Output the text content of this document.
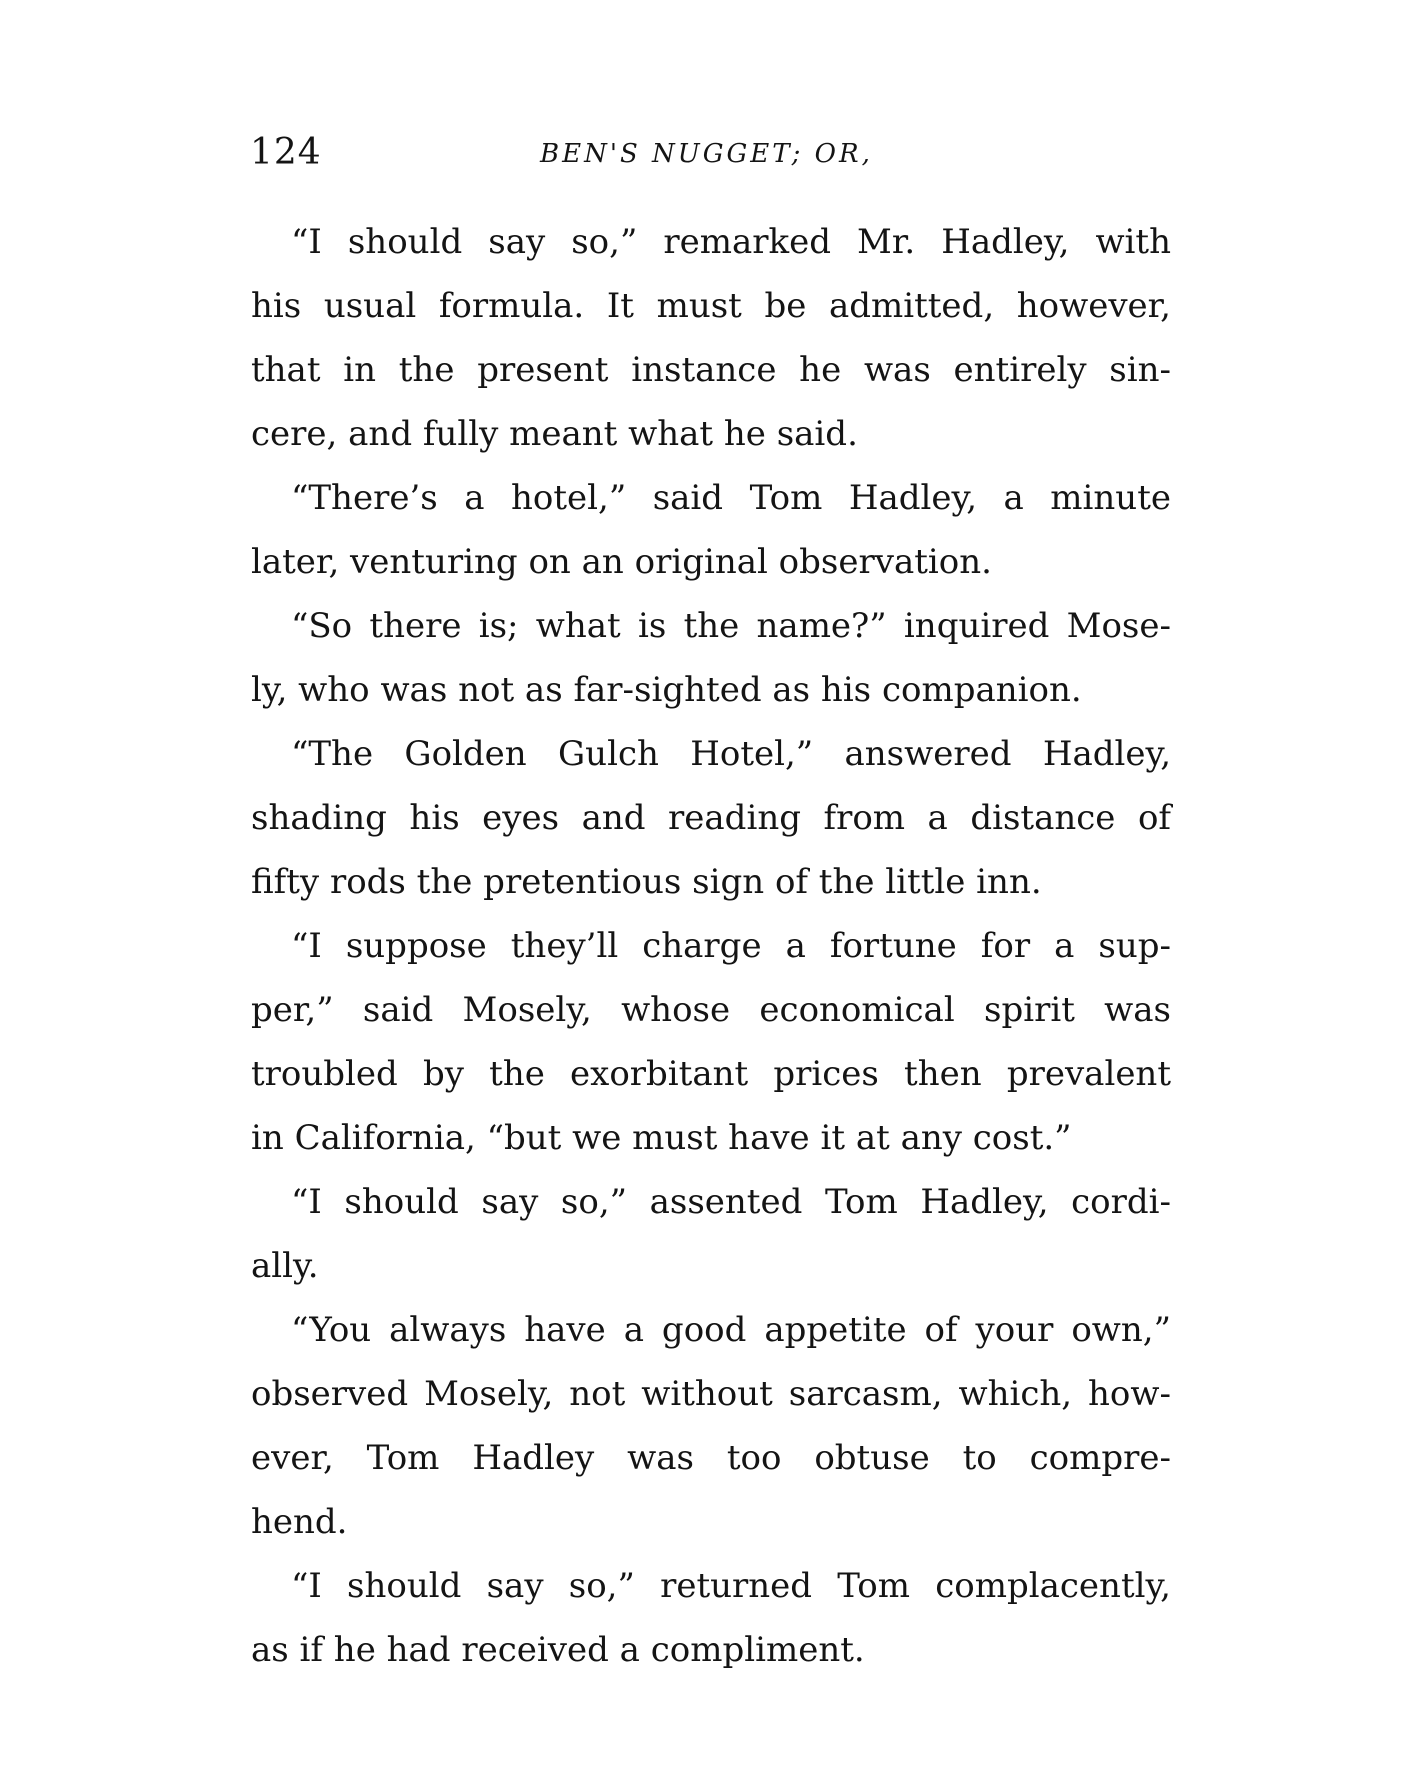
124	BEN'S NUGGET; OR,
“I should say so,” remarked Mr. Hadley, with
his usual formula. It must be admitted, however,
that in the present instance he was entirely sin-
cere, and fully meant what he said.
“There’s a hotel,” said Tom Hadley, a minute
later, venturing on an original observation.
“So there is; what is the name?” inquired Mose-
ly, who was not as far-sighted as his companion.
“The Golden Gulch Hotel,” answered Hadley,
shading his eyes and reading from a distance of
fifty rods the pretentious sign of the little inn.
“I suppose they’ll charge a fortune for a sup-
per,” said Mosely, whose economical spirit was
troubled by the exorbitant prices then prevalent
in California, “but we must have it at any cost.”
“I should say so,” assented Tom Hadley, cordi-
ally.
“You always have a good appetite of your own,”
observed Mosely, not without sarcasm, which, how-
ever, Tom Hadley was too obtuse to compre-
hend.
“I should say so,” returned Tom complacently,
as if he had received a compliment.
